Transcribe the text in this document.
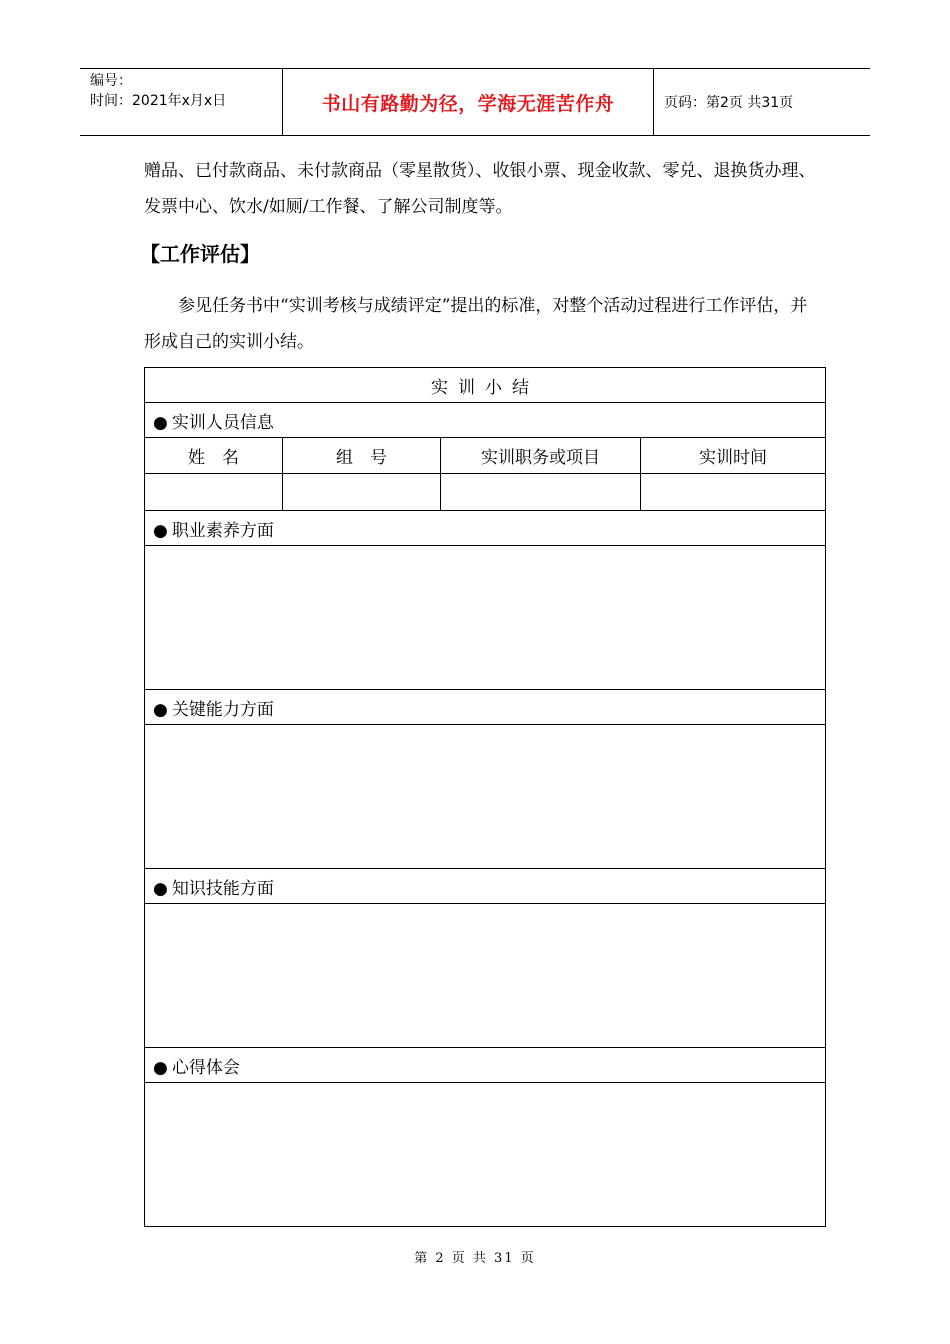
编号：
时间：2021年x月x日	书山有路勤为径，学海无涯苦作舟	页码：第2页 共31页
赠品、已付款商品、未付款商品（零星散货）、收银小票、现金收款、零兑、退换货办理、发票中心、饮水/如厕/工作餐、了解公司制度等。
【工作评估】
参见任务书中“实训考核与成绩评定”提出的标准，对整个活动过程进行工作评估，并形成自己的实训小结。
实训小结			
● 实训人员信息			
姓　名	组　号	实训职务或项目	实训时间

● 职业素养方面			

● 关键能力方面			

● 知识技能方面			

● 心得体会			

第 2 页 共 31 页
